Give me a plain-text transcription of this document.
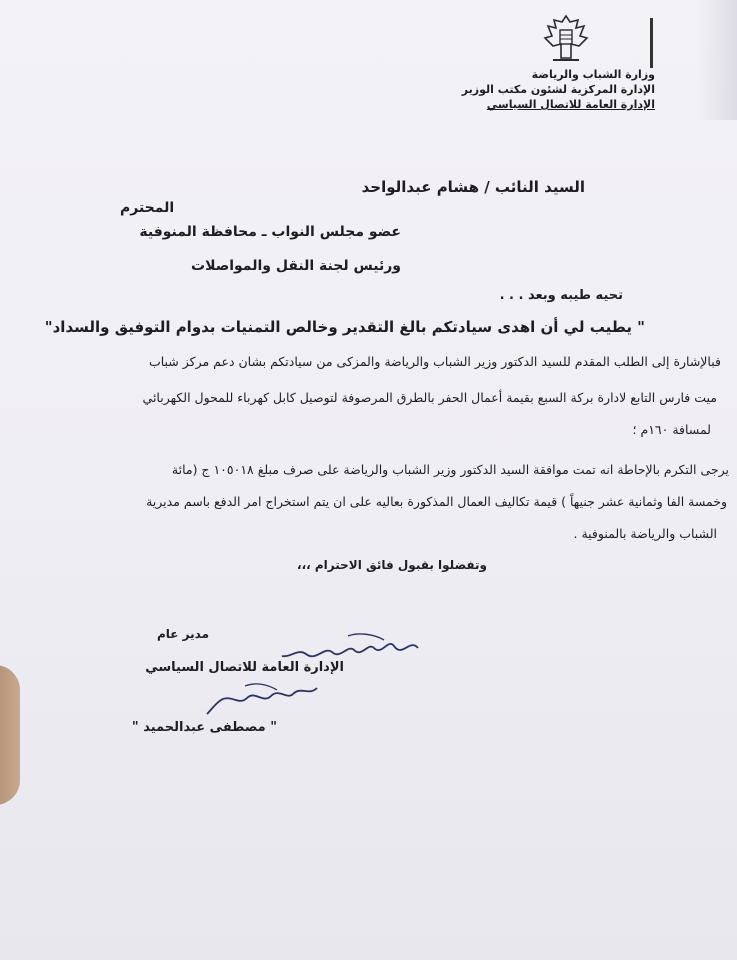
وزارة الشباب والرياضة
الإدارة المركزية لشئون مكتب الوزير
الإدارة العامة للاتصال السياسي
السيد النائب / هشام عبدالواحد
المحترم
عضو مجلس النواب ـ محافظة المنوفية
ورئيس لجنة النقل والمواصلات
تحيه طيبه وبعد . . .
" يطيب لي أن اهدى سيادتكم بالغ التقدير وخالص التمنيات بدوام التوفيق والسداد"
فبالإشارة إلى الطلب المقدم للسيد الدكتور وزير الشباب والرياضة والمزكى من سيادتكم بشان دعم مركز شباب
ميت فارس التابع لادارة بركة السبع بقيمة أعمال الحفر بالطرق المرصوفة لتوصيل كابل كهرباء للمحول الكهربائي
لمسافة ١٦٠م ؛
يرجى التكرم بالإحاطة انه تمت موافقة السيد الدكتور وزير الشباب والرياضة على صرف مبلغ ١٠٥٠١٨ ج (مائة
وخمسة الفا وثمانية عشر جنيهاً ) قيمة تكاليف العمال المذكورة بعاليه على ان يتم استخراج امر الدفع باسم مديرية
الشباب والرياضة بالمنوفية .
وتفضلوا بقبول فائق الاحترام ،،،
مدير عام
الإدارة العامة للاتصال السياسي
" مصطفى عبدالحميد "
